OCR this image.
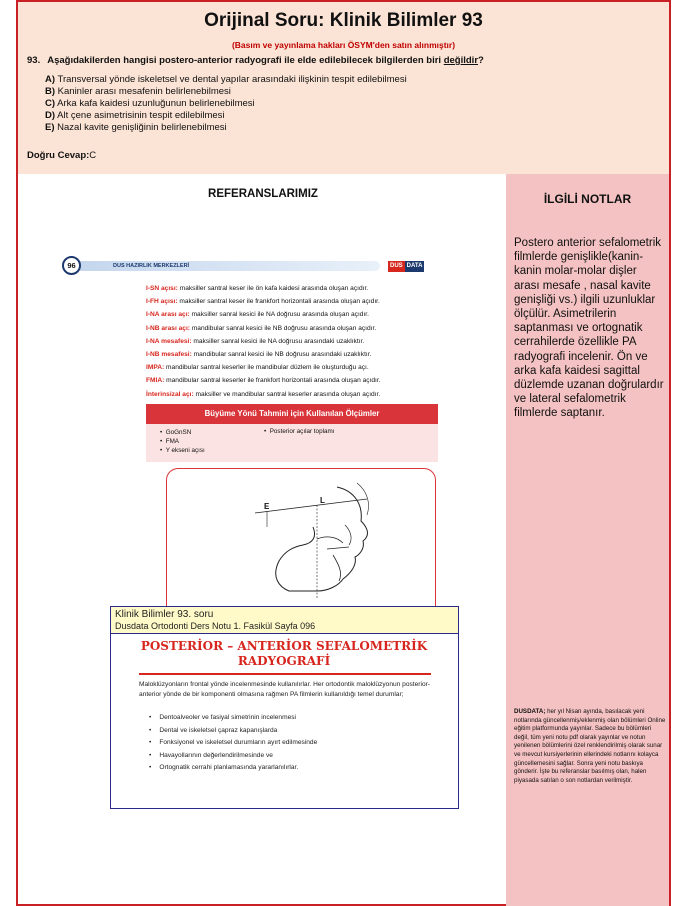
Orijinal Soru: Klinik Bilimler 93
(Basım ve yayınlama hakları ÖSYM'den satın alınmıştır)
93. Aşağıdakilerden hangisi postero-anterior radyografi ile elde edilebilecek bilgilerden biri değildir?
A) Transversal yönde iskeletsel ve dental yapılar arasındaki ilişkinin tespit edilebilmesi
B) Kaninler arası mesafenin belirlenebilmesi
C) Arka kafa kaidesi uzunluğunun belirlenebilmesi
D) Alt çene asimetrisinin tespit edilebilmesi
E) Nazal kavite genişliğinin belirlenebilmesi
Doğru Cevap:C
REFERANSLARIMIZ
96	DUS HAZIRLIK MERKEZLERİ	DUS DATA
I-SN açısı: maksiller santral keser ile ön kafa kaidesi arasında oluşan açıdır.
I-FH açısı: maksiller santral keser ile frankfort horizontali arasında oluşan açıdır.
I-NA arası açı: maksiller sanral kesici ile NA doğrusu arasında oluşan açıdır.
I-NB arası açı: mandibular sanral kesici ile NB doğrusu arasında oluşan açıdır.
I-NA mesafesi: maksiller sanral kesici ile NA doğrusu arasındaki uzaklıktır.
I-NB mesafesi: mandibular sanral kesici ile NB doğrusu arasındaki uzaklıktır.
IMPA: mandibular santral keserler ile mandibular düzlem ile oluşturduğu açı.
FMIA: mandibular santral keserler ile frankfort horizontali arasında oluşan açıdır.
İnterinsizal açı: maksiller ve mandibular santral keserler arasında oluşan açıdır.
Büyüme Yönü Tahmini için Kullanılan Ölçümler
•  GoGnSN
•  FMA
•  Y ekseni açısı
•  Posterior açılar toplamı
E
L
Klinik Bilimler 93. soru
Dusdata Ortodonti Ders Notu 1. Fasikül Sayfa 096
POSTERİOR – ANTERİOR SEFALOMETRİK
RADYOGRAFİ
Maloklüzyonların frontal yönde incelenmesinde kullanılırlar. Her ortodontik maloklüzyonun posterior-anterior yönde de bir komponenti olmasına rağmen PA filmlerin kullanıldığı temel durumlar;
• Dentoalveoler ve fasiyal simetrinin incelenmesi
• Dental ve iskeletsel çapraz kapanışlarda
• Fonksiyonel ve iskeletsel durumların ayırt edilmesinde
• Havayollarının değerlendirilmesinde ve
• Ortognatik cerrahi planlamasında yararlanılırlar.
İLGİLİ NOTLAR
Postero anterior sefalometrik filmlerde genişlikle(kanin-kanin molar-molar dişler arası mesafe , nasal kavite genişliği vs.) ilgili uzunluklar ölçülür. Asimetrilerin saptanması ve ortognatik cerrahilerde özellikle PA radyografi incelenir. Ön ve arka kafa kaidesi sagittal düzlemde uzanan doğrulardır ve lateral sefalometrik filmlerde saptanır.
DUSDATA; her yıl Nisan ayında, basılacak yeni notlarında güncellenmiş/eklenmiş olan bölümleri Online eğitim platformunda yayınlar. Sadece bu bölümleri değil, tüm yeni notu pdf olarak yayınlar ve notun yenilenen bölümlerini özel renklendirilmiş olarak sunar ve mevcut kursiyerlerinin ellerindeki notlarını kolayca güncellemesini sağlar. Sonra yeni notu baskıya gönderir. İşte bu referanslar basılmış olan, halen piyasada satılan o son notlardan verilmiştir.
